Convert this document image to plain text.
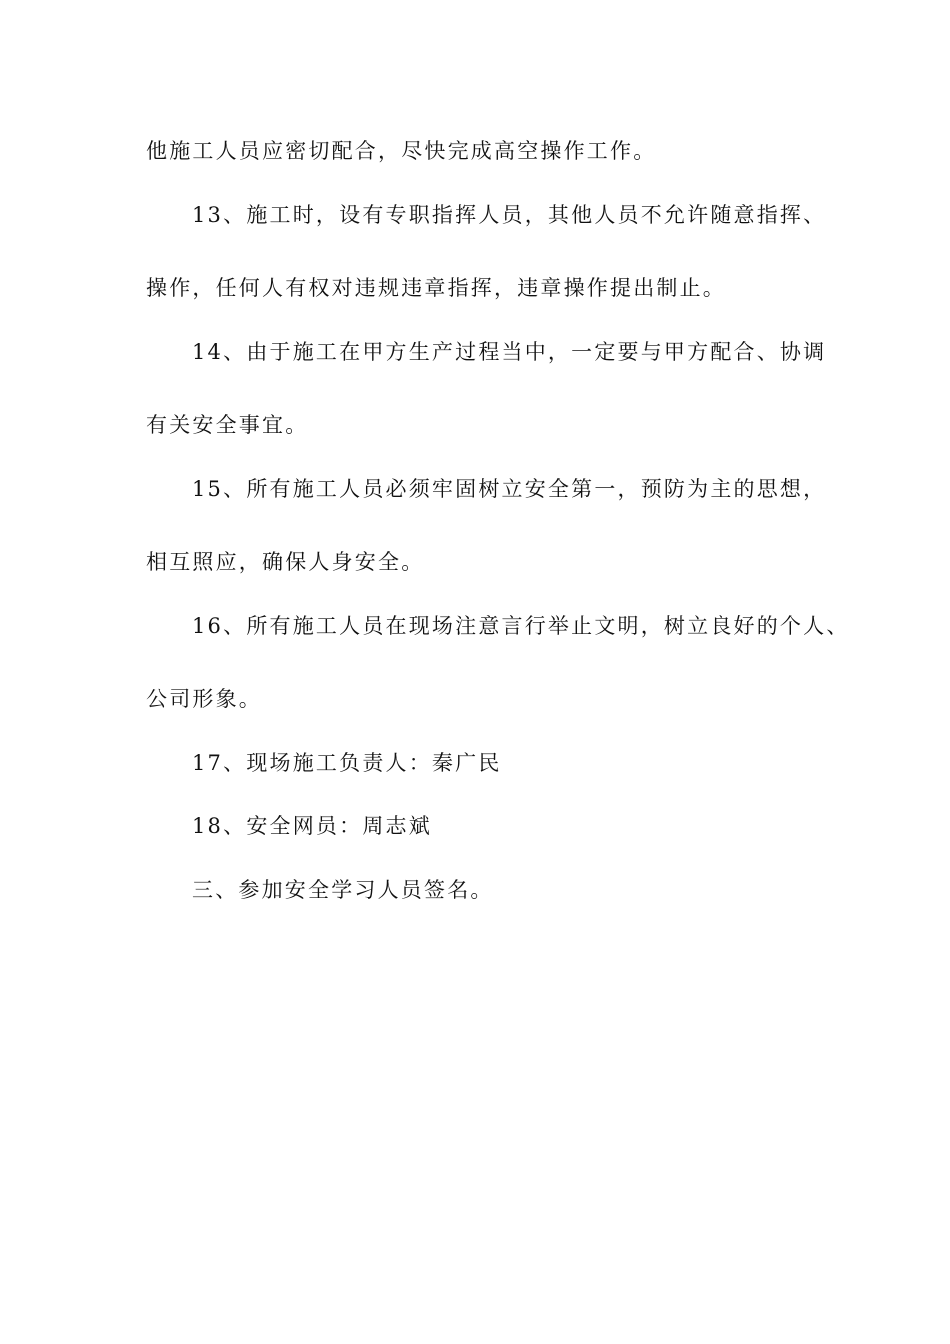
他施工人员应密切配合，尽快完成高空操作工作。
13、施工时，设有专职指挥人员，其他人员不允许随意指挥、
操作，任何人有权对违规违章指挥，违章操作提出制止。
14、由于施工在甲方生产过程当中，一定要与甲方配合、协调
有关安全事宜。
15、所有施工人员必须牢固树立安全第一，预防为主的思想，
相互照应，确保人身安全。
16、所有施工人员在现场注意言行举止文明，树立良好的个人、
公司形象。
17、现场施工负责人：秦广民
18、安全网员：周志斌
三、参加安全学习人员签名。
